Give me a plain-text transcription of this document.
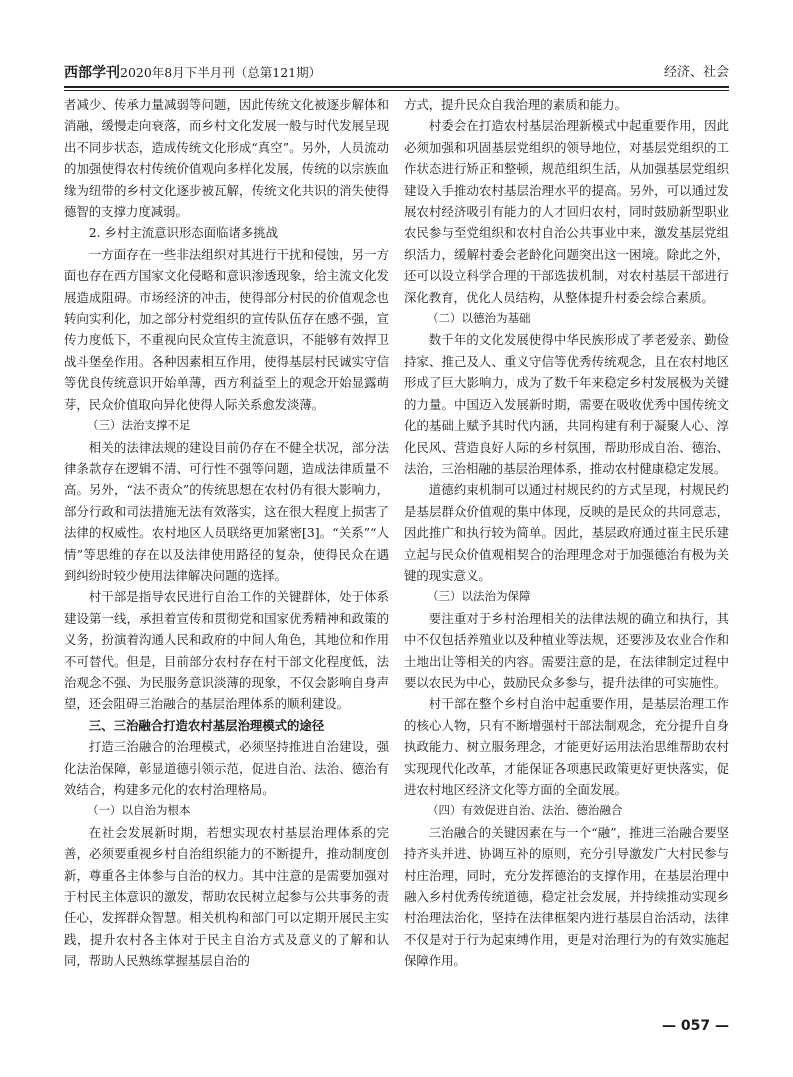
西部学刊2020年8月下半月刊（总第121期）	经济、社会

者减少、传承力量减弱等问题，因此传统文化被逐步解体和消融，缓慢走向衰落，而乡村文化发展一般与时代发展呈现出不同步状态，造成传统文化形成“真空”。另外，人员流动的加强使得农村传统价值观向多样化发展，传统的以宗族血缘为纽带的乡村文化逐步被瓦解，传统文化共识的消失使得德智的支撑力度减弱。

2. 乡村主流意识形态面临诸多挑战

一方面存在一些非法组织对其进行干扰和侵蚀，另一方面也存在西方国家文化侵略和意识渗透现象，给主流文化发展造成阻碍。市场经济的冲击，使得部分村民的价值观念也转向实利化，加之部分村党组织的宣传队伍存在感不强，宣传力度低下，不重视向民众宣传主流意识，不能够有效捍卫战斗堡垒作用。各种因素相互作用，使得基层村民诚实守信等优良传统意识开始单薄，西方利益至上的观念开始显露萌芽，民众价值取向异化使得人际关系愈发淡薄。

（三）法治支撑不足

相关的法律法规的建设目前仍存在不健全状况，部分法律条款存在逻辑不清、可行性不强等问题，造成法律质量不高。另外，“法不责众”的传统思想在农村仍有很大影响力，部分行政和司法措施无法有效落实，这在很大程度上损害了法律的权威性。农村地区人员联络更加紧密[3]。“关系”“人情”等思维的存在以及法律使用路径的复杂，使得民众在遇到纠纷时较少使用法律解决问题的选择。

村干部是指导农民进行自治工作的关键群体，处于体系建设第一线，承担着宣传和贯彻党和国家优秀精神和政策的义务，扮演着沟通人民和政府的中间人角色，其地位和作用不可替代。但是，目前部分农村存在村干部文化程度低，法治观念不强、为民服务意识淡薄的现象，不仅会影响自身声望，还会阻碍三治融合的基层治理体系的顺利建设。

三、三治融合打造农村基层治理模式的途径

打造三治融合的治理模式，必须坚持推进自治建设，强化法治保障，彰显道德引领示范，促进自治、法治、德治有效结合，构建多元化的农村治理格局。

（一）以自治为根本

在社会发展新时期，若想实现农村基层治理体系的完善，必须要重视乡村自治组织能力的不断提升，推动制度创新，尊重各主体参与自治的权力。其中注意的是需要加强对于村民主体意识的激发，帮助农民树立起参与公共事务的责任心，发挥群众智慧。相关机构和部门可以定期开展民主实践，提升农村各主体对于民主自治方式及意义的了解和认同，帮助人民熟练掌握基层自治的

方式，提升民众自我治理的素质和能力。

村委会在打造农村基层治理新模式中起重要作用，因此必须加强和巩固基层党组织的领导地位，对基层党组织的工作状态进行矫正和整顿，规范组织生活，从加强基层党组织建设入手推动农村基层治理水平的提高。另外，可以通过发展农村经济吸引有能力的人才回归农村，同时鼓励新型职业农民参与至党组织和农村自治公共事业中来，激发基层党组织活力，缓解村委会老龄化问题突出这一困境。除此之外，还可以设立科学合理的干部选拔机制，对农村基层干部进行深化教育，优化人员结构，从整体提升村委会综合素质。

（二）以德治为基础

数千年的文化发展使得中华民族形成了孝老爱亲、勤俭持家、推己及人、重义守信等优秀传统观念，且在农村地区形成了巨大影响力，成为了数千年来稳定乡村发展极为关键的力量。中国迈入发展新时期，需要在吸收优秀中国传统文化的基础上赋予其时代内涵，共同构建有利于凝聚人心、淳化民风、营造良好人际的乡村氛围，帮助形成自治、德治、法治，三治相融的基层治理体系，推动农村健康稳定发展。

道德约束机制可以通过村规民约的方式呈现，村规民约是基层群众价值观的集中体现，反映的是民众的共同意志，因此推广和执行较为简单。因此，基层政府通过崔主民乐建立起与民众价值观相契合的治理理念对于加强德治有极为关键的现实意义。

（三）以法治为保障

要注重对于乡村治理相关的法律法规的确立和执行，其中不仅包括养殖业以及种植业等法规，还要涉及农业合作和土地出让等相关的内容。需要注意的是，在法律制定过程中要以农民为中心，鼓励民众多参与，提升法律的可实施性。

村干部在整个乡村自治中起重要作用，是基层治理工作的核心人物，只有不断增强村干部法制观念，充分提升自身执政能力、树立服务理念，才能更好运用法治思维帮助农村实现现代化改革，才能保证各项惠民政策更好更快落实，促进农村地区经济文化等方面的全面发展。

（四）有效促进自治、法治、德治融合

三治融合的关键因素在与一个“融”，推进三治融合要坚持齐头并进、协调互补的原则，充分引导激发广大村民参与村庄治理，同时，充分发挥德治的支撑作用，在基层治理中融入乡村优秀传统道德，稳定社会发展，并持续推动实现乡村治理法治化，坚持在法律框架内进行基层自治活动，法律不仅是对于行为起束缚作用，更是对治理行为的有效实施起保障作用。

— 057 —
